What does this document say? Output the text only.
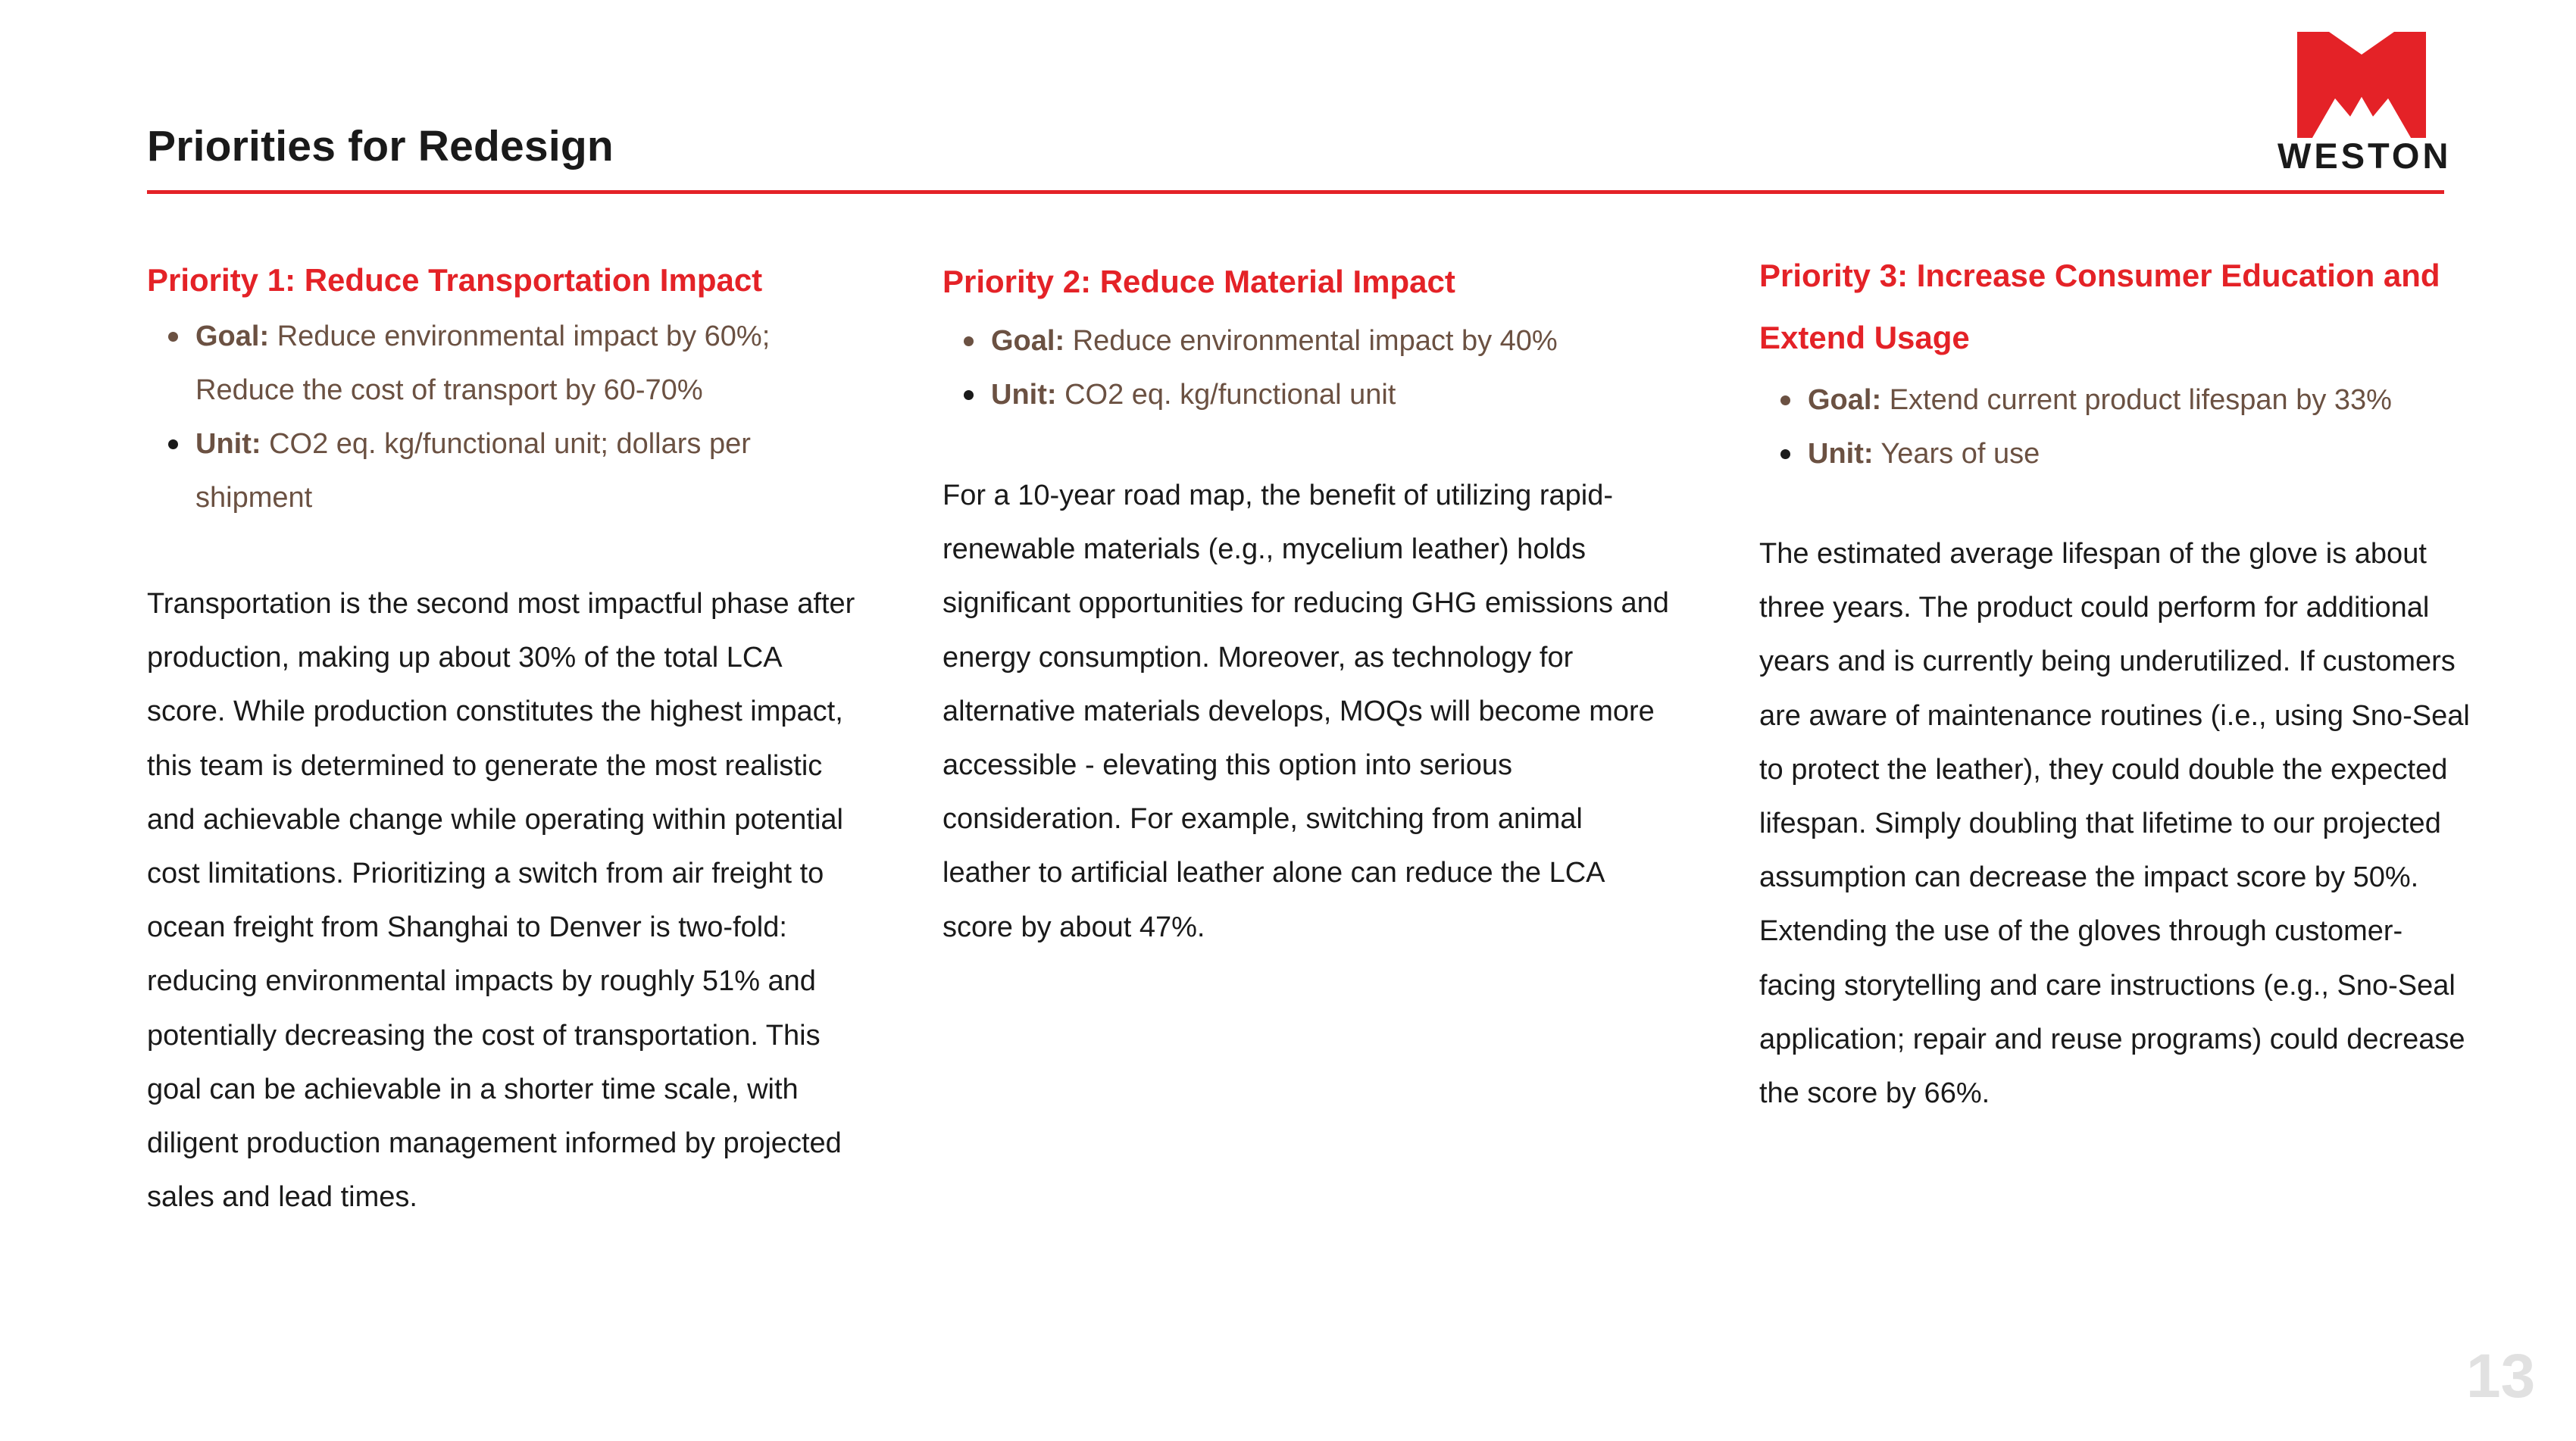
Priorities for Redesign	WESTON
Priority 1: Reduce Transportation Impact
Goal: Reduce environmental impact by 60%; Reduce the cost of transport by 60-70%
Unit: CO2 eq. kg/functional unit; dollars per shipment

Transportation is the second most impactful phase after production, making up about 30% of the total LCA score. While production constitutes the highest impact, this team is determined to generate the most realistic and achievable change while operating within potential cost limitations. Prioritizing a switch from air freight to ocean freight from Shanghai to Denver is two-fold: reducing environmental impacts by roughly 51% and potentially decreasing the cost of transportation. This goal can be achievable in a shorter time scale, with diligent production management informed by projected sales and lead times.

Priority 2: Reduce Material Impact
Goal: Reduce environmental impact by 40%
Unit: CO2 eq. kg/functional unit

For a 10-year road map, the benefit of utilizing rapid-renewable materials (e.g., mycelium leather) holds significant opportunities for reducing GHG emissions and energy consumption. Moreover, as technology for alternative materials develops, MOQs will become more accessible - elevating this option into serious consideration. For example, switching from animal leather to artificial leather alone can reduce the LCA score by about 47%.

Priority 3: Increase Consumer Education and Extend Usage
Goal: Extend current product lifespan by 33%
Unit: Years of use

The estimated average lifespan of the glove is about three years. The product could perform for additional years and is currently being underutilized. If customers are aware of maintenance routines (i.e., using Sno-Seal to protect the leather), they could double the expected lifespan. Simply doubling that lifetime to our projected assumption can decrease the impact score by 50%. Extending the use of the gloves through customer-facing storytelling and care instructions (e.g., Sno-Seal application; repair and reuse programs) could decrease the score by 66%.

13
